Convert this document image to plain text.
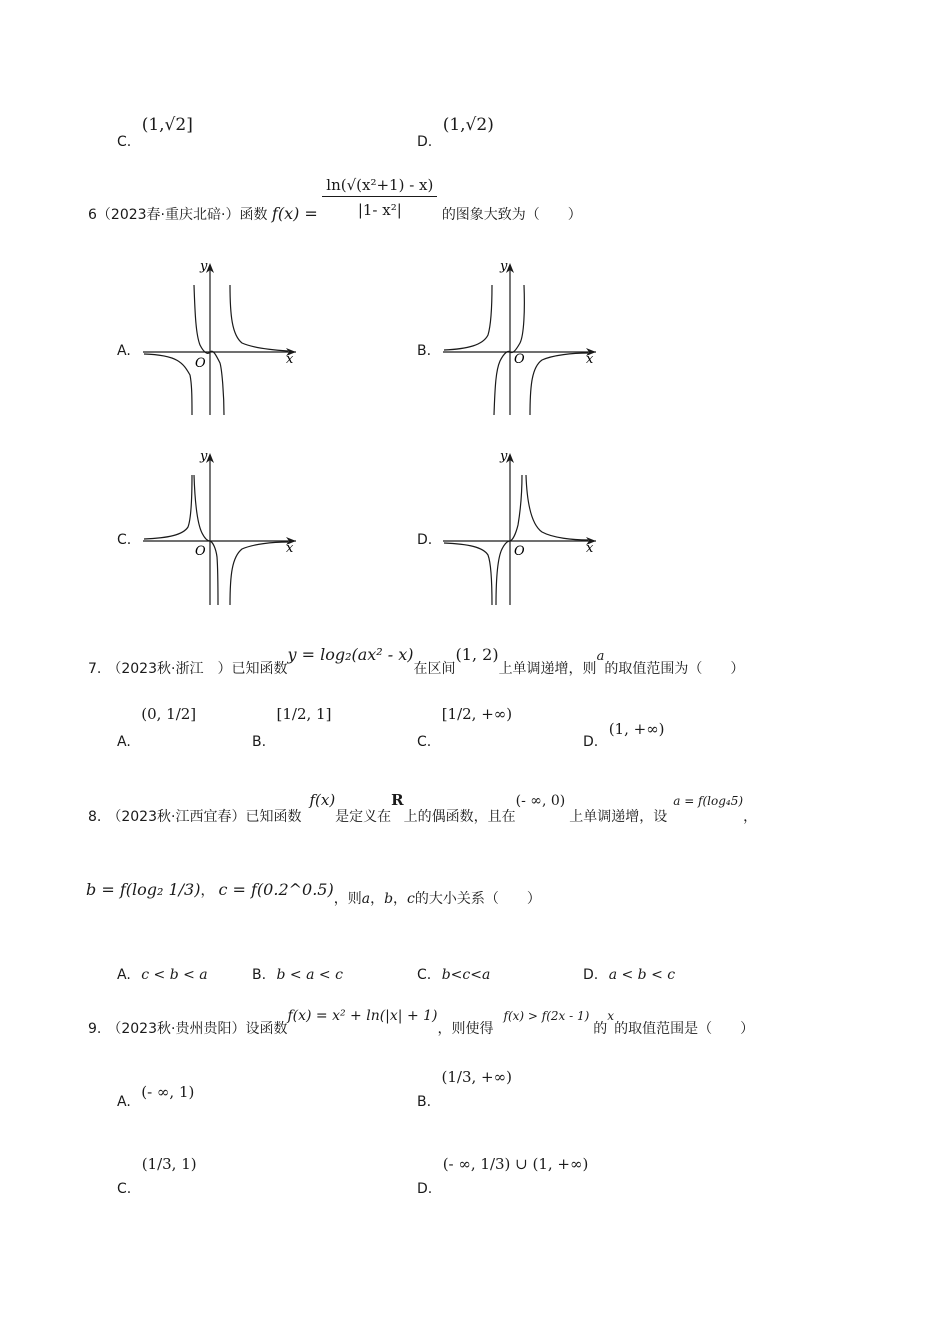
C. (1,√2]
D. (1,√2)
6（2023春·重庆北碚·）函数 $f(x) = \frac{\text{ln(√(x²+1) - x)}}{\text{|1- x²|}}$ 的图象大致为（　　）
A.	B.
C.	D.
y
x
O
y
x
O
y
x
O
y
x
O
7. （2023秋·浙江　）已知函数y = log₂(ax² - x)在区间(1, 2)上单调递增，则a的取值范围为（　　）
A. (0, 1/2]
B. [1/2, 1]
C. [1/2, +∞)
D. (1, +∞)
8. （2023秋·江西宜春）已知函数f(x)是定义在R上的偶函数，且在(- ∞, 0)上单调递增，设a = f(log₄5)，
b = f(log₂ 1/3)， c = f(0.2^0.5)，则a，b，c的大小关系（　　）
A. c < b < a	B. b < a < c	C. b<c<a	D. a < b < c
9. （2023秋·贵州贵阳）设函数f(x) = x² + ln(|x| + 1)，则使得f(x) > f(2x - 1)的x的取值范围是（　　）
A. (- ∞, 1)
B. (1/3, +∞)
C. (1/3, 1)
D. (- ∞, 1/3) ∪ (1, +∞)
